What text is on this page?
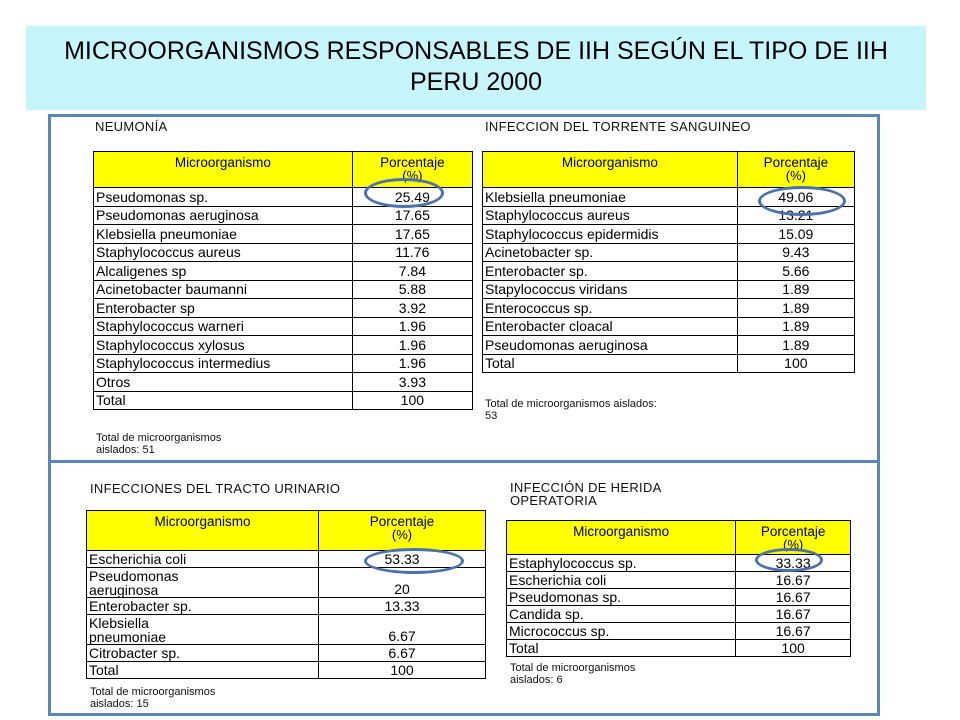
MICROORGANISMOS RESPONSABLES DE IIH SEGÚN EL TIPO DE IIH PERU 2000
NEUMONÍA
Microorganismo	Porcentaje
(%)

Pseudomonas sp.	25.49
Pseudomonas aeruginosa	17.65
Klebsiella pneumoniae	17.65
Staphylococcus aureus	11.76
Alcaligenes sp	7.84
Acinetobacter baumanni	5.88
Enterobacter sp	3.92
Staphylococcus warneri	1.96
Staphylococcus xylosus	1.96
Staphylococcus intermedius	1.96
Otros	3.93
Total	100
Total de microorganismos
aislados: 51
INFECCION DEL TORRENTE SANGUINEO
Microorganismo	Porcentaje
(%)

Klebsiella pneumoniae	49.06
Staphylococcus aureus	13.21
Staphylococcus epidermidis	15.09
Acinetobacter sp.	9.43
Enterobacter sp.	5.66
Stapylococcus viridans	1.89
Enterococcus sp.	1.89
Enterobacter cloacal	1.89
Pseudomonas aeruginosa	1.89
Total	100
Total de microorganismos aislados:
53
INFECCIONES DEL TRACTO URINARIO
Microorganismo	Porcentaje
(%)

Escherichia coli	53.33
Pseudomonas
aeruginosa	20
Enterobacter sp.	13.33
Klebsiella
pneumoniae	6.67
Citrobacter sp.	6.67
Total	100
Total de microorganismos
aislados: 15
INFECCIÓN DE HERIDA
OPERATORIA
Microorganismo	Porcentaje
(%)

Estaphylococcus sp.	33.33
Escherichia coli	16.67
Pseudomonas sp.	16.67
Candida sp.	16.67
Micrococcus sp.	16.67
Total	100
Total de microorganismos
aislados: 6
